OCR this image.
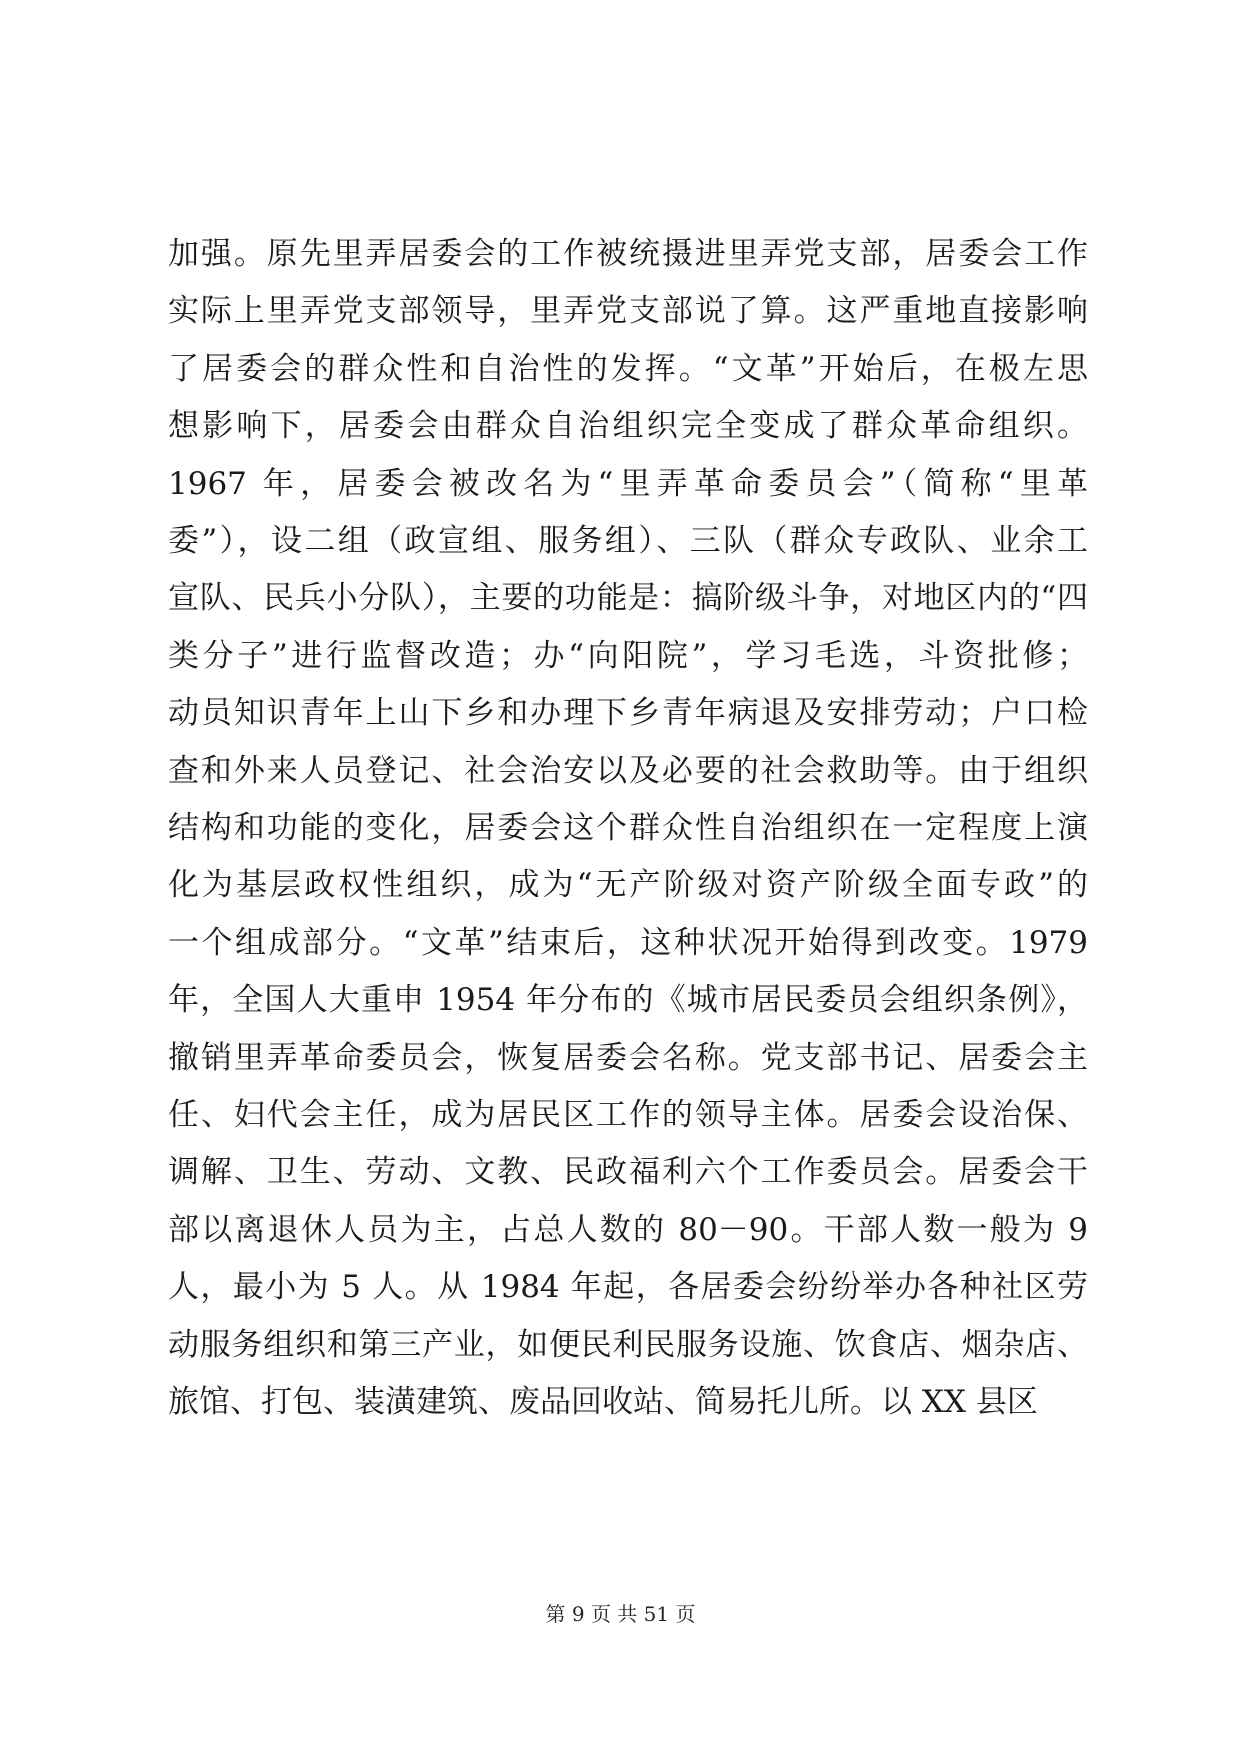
加强。原先里弄居委会的工作被统摄进里弄党支部，居委会工作
实际上里弄党支部领导，里弄党支部说了算。这严重地直接影响
了居委会的群众性和自治性的发挥。“文革”开始后，在极左思
想影响下，居委会由群众自治组织完全变成了群众革命组织。
1967 年，居委会被改名为“里弄革命委员会”（简称“里革
委”），设二组（政宣组、服务组）、三队（群众专政队、业余工
宣队、民兵小分队），主要的功能是：搞阶级斗争，对地区内的“四
类分子”进行监督改造；办“向阳院”，学习毛选，斗资批修；
动员知识青年上山下乡和办理下乡青年病退及安排劳动；户口检
查和外来人员登记、社会治安以及必要的社会救助等。由于组织
结构和功能的变化，居委会这个群众性自治组织在一定程度上演
化为基层政权性组织，成为“无产阶级对资产阶级全面专政”的
一个组成部分。“文革”结束后，这种状况开始得到改变。1979
年，全国人大重申 1954 年分布的《城市居民委员会组织条例》，
撤销里弄革命委员会，恢复居委会名称。党支部书记、居委会主
任、妇代会主任，成为居民区工作的领导主体。居委会设治保、
调解、卫生、劳动、文教、民政福利六个工作委员会。居委会干
部以离退休人员为主，占总人数的 80－90。干部人数一般为 9
人，最小为 5 人。从 1984 年起，各居委会纷纷举办各种社区劳
动服务组织和第三产业，如便民利民服务设施、饮食店、烟杂店、
旅馆、打包、装潢建筑、废品回收站、简易托儿所。以 XX 县区
第 9 页 共 51 页
